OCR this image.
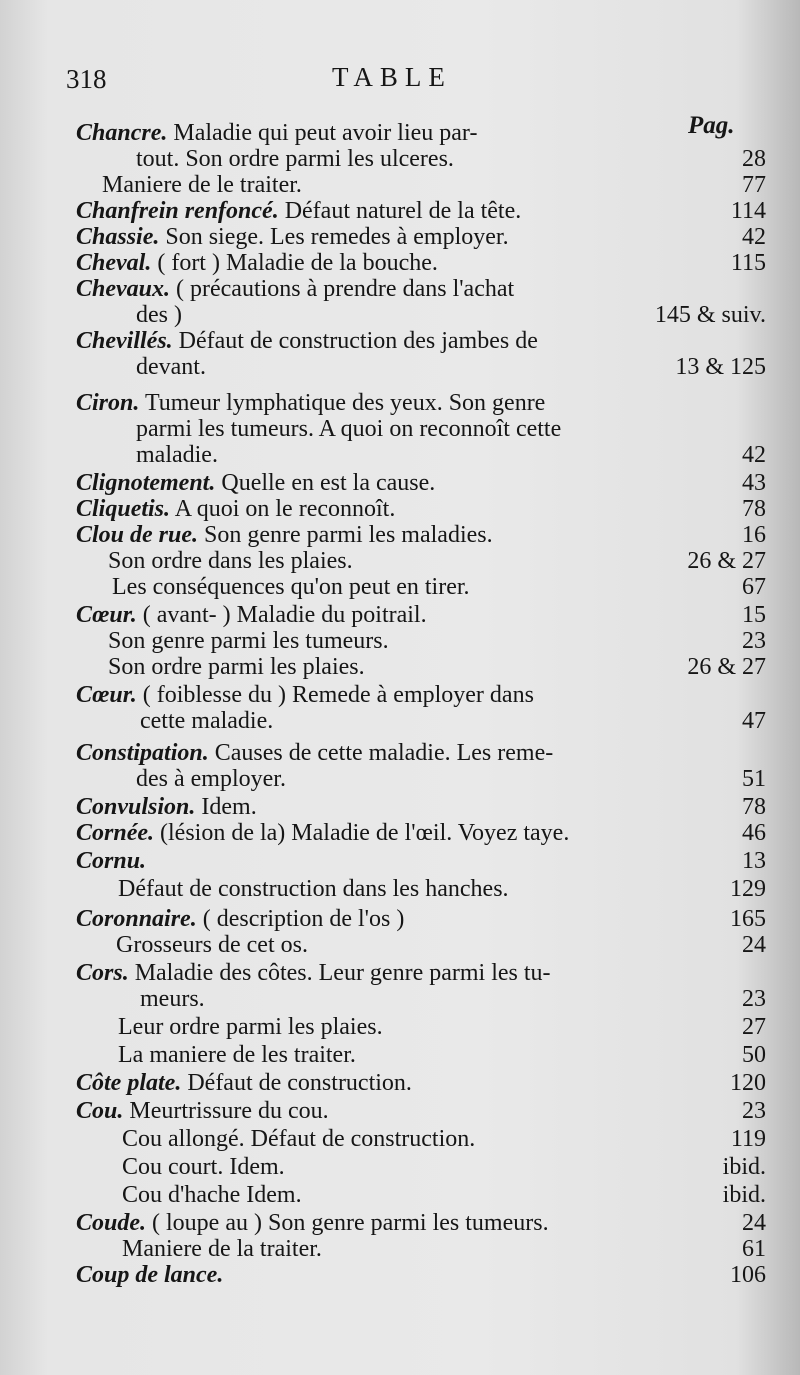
318	TABLE
Pag.
Chancre. Maladie qui peut avoir lieu par-
tout. Son ordre parmi les ulceres.	28
Maniere de le traiter.	77
Chanfrein renfoncé. Défaut naturel de la tête.	114
Chassie. Son siege. Les remedes à employer.	42
Cheval. ( fort ) Maladie de la bouche.	115
Chevaux. ( précautions à prendre dans l'achat
des )	145 & suiv.
Chevillés. Défaut de construction des jambes de
devant.	13 & 125
Ciron. Tumeur lymphatique des yeux. Son genre
parmi les tumeurs. A quoi on reconnoît cette
maladie.	42
Clignotement. Quelle en est la cause.	43
Cliquetis. A quoi on le reconnoît.	78
Clou de rue. Son genre parmi les maladies.	16
Son ordre dans les plaies.	26 & 27
Les conséquences qu'on peut en tirer.	67
Cœur. ( avant- ) Maladie du poitrail.	15
Son genre parmi les tumeurs.	23
Son ordre parmi les plaies.	26 & 27
Cœur. ( foiblesse du ) Remede à employer dans
cette maladie.	47
Constipation. Causes de cette maladie. Les reme-
des à employer.	51
Convulsion. Idem.	78
Cornée. (lésion de la) Maladie de l'œil. Voyez taye.	46
Cornu.	13
Défaut de construction dans les hanches.	129
Coronnaire. ( description de l'os )	165
Grosseurs de cet os.	24
Cors. Maladie des côtes. Leur genre parmi les tu-
meurs.	23
Leur ordre parmi les plaies.	27
La maniere de les traiter.	50
Côte plate. Défaut de construction.	120
Cou. Meurtrissure du cou.	23
Cou allongé. Défaut de construction.	119
Cou court. Idem.	ibid.
Cou d'hache Idem.	ibid.
Coude. ( loupe au ) Son genre parmi les tumeurs.	24
Maniere de la traiter.	61
Coup de lance.	106
